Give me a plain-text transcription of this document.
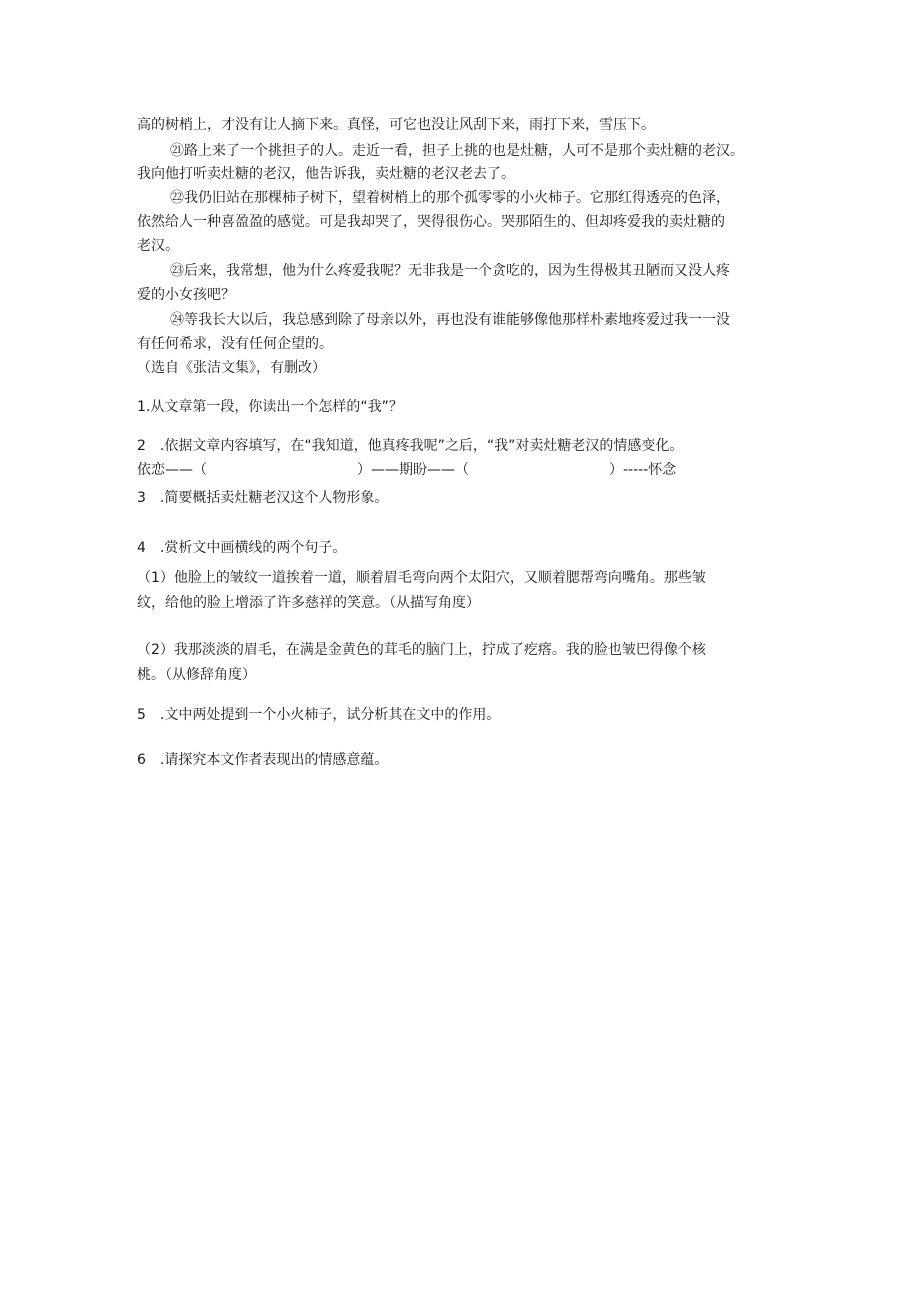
高的树梢上，才没有让人摘下来。真怪，可它也没让风刮下来，雨打下来，雪压下。
㉑路上来了一个挑担子的人。走近一看，担子上挑的也是灶糖，人可不是那个卖灶糖的老汉。
我向他打听卖灶糖的老汉，他告诉我，卖灶糖的老汉老去了。
㉒我仍旧站在那棵柿子树下，望着树梢上的那个孤零零的小火柿子。它那红得透亮的色泽，
依然给人一种喜盈盈的感觉。可是我却哭了，哭得很伤心。哭那陌生的、但却疼爱我的卖灶糖的
老汉。
㉓后来，我常想，他为什么疼爱我呢？无非我是一个贪吃的，因为生得极其丑陋而又没人疼
爱的小女孩吧？
㉔等我长大以后，我总感到除了母亲以外，再也没有谁能够像他那样朴素地疼爱过我一一没
有任何希求，没有任何企望的。
（选自《张洁文集》，有删改）
1.从文章第一段，你读出一个怎样的“我”？
2　.依据文章内容填写，在“我知道，他真疼我呢”之后，“我”对卖灶糖老汉的情感变化。
依恋——（	）——期盼——（	）-----怀念
3　.简要概括卖灶糖老汉这个人物形象。
4　.赏析文中画横线的两个句子。
（1）他脸上的皱纹一道挨着一道，顺着眉毛弯向两个太阳穴，又顺着腮帮弯向嘴角。那些皱
纹，给他的脸上增添了许多慈祥的笑意。（从描写角度）
（2）我那淡淡的眉毛，在满是金黄色的茸毛的脑门上，拧成了疙瘩。我的脸也皱巴得像个核
桃。（从修辞角度）
5　.文中两处提到一个小火柿子，试分析其在文中的作用。
6　.请探究本文作者表现出的情感意蕴。
